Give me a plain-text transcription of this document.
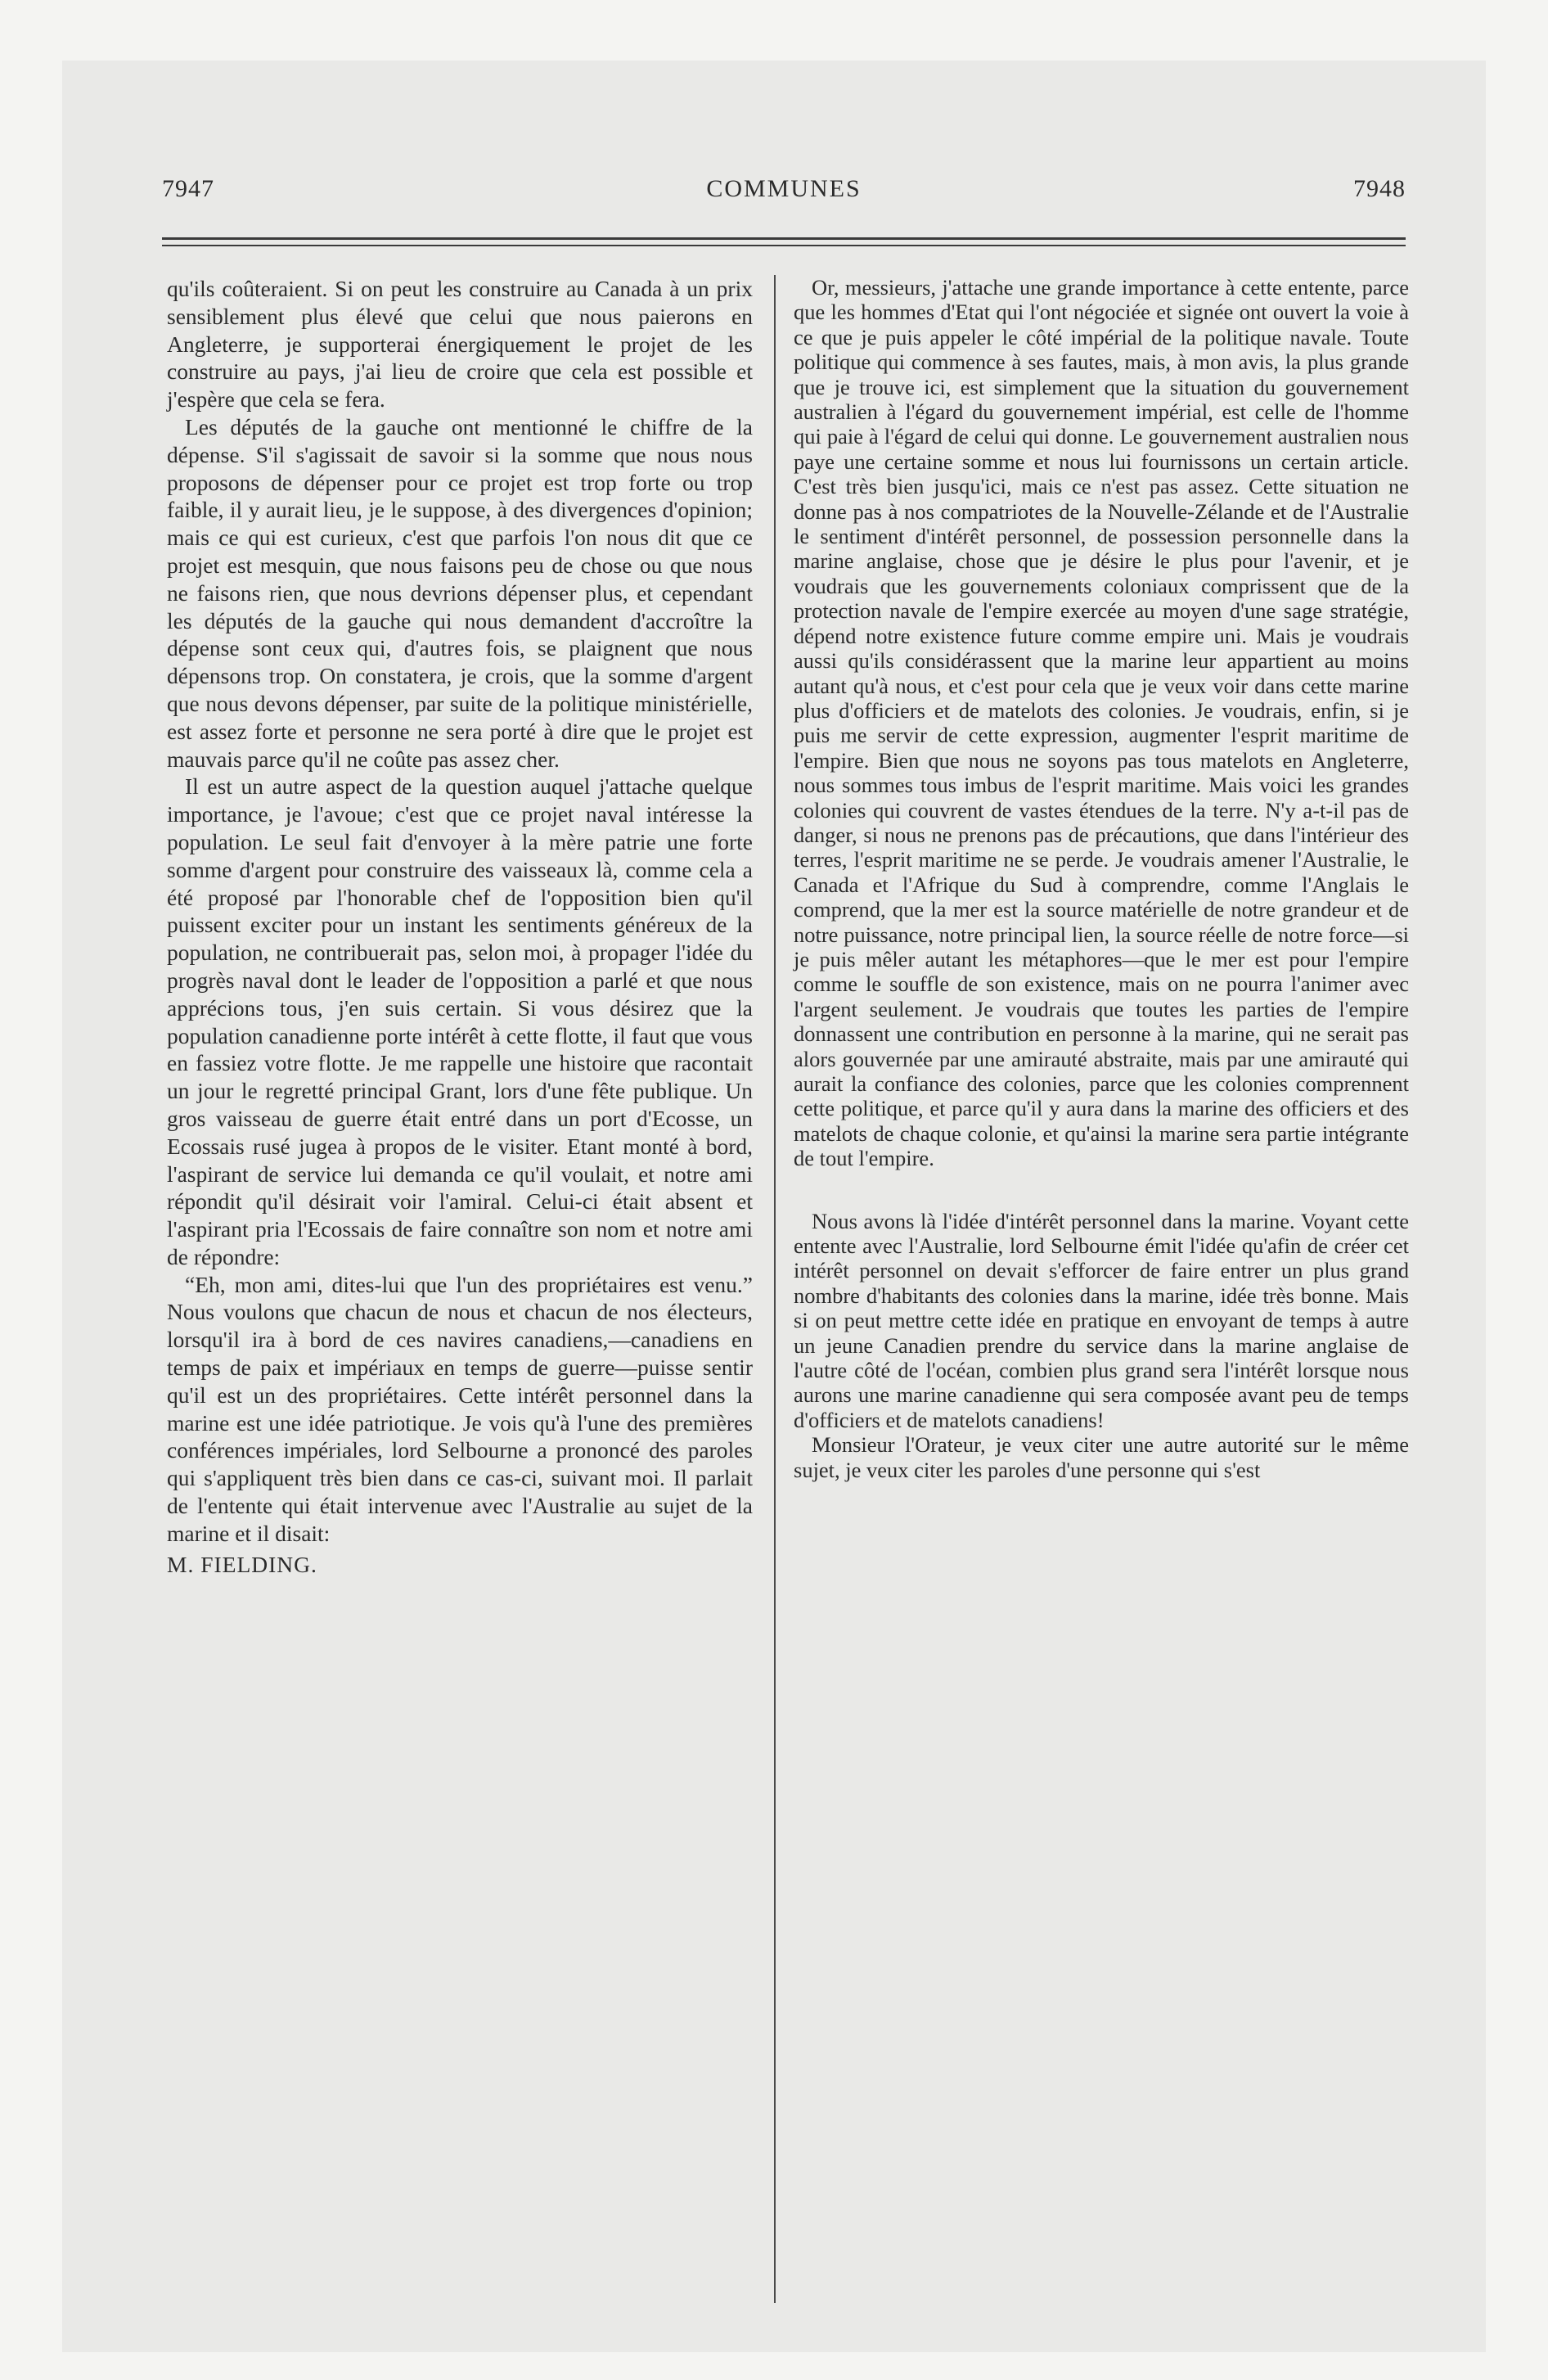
7947	COMMUNES	7948

qu'ils coûteraient. Si on peut les construire au Canada à un prix sensiblement plus élevé que celui que nous paierons en Angleterre, je supporterai énergiquement le projet de les construire au pays, j'ai lieu de croire que cela est possible et j'espère que cela se fera.

Les députés de la gauche ont mentionné le chiffre de la dépense. S'il s'agissait de savoir si la somme que nous nous proposons de dépenser pour ce projet est trop forte ou trop faible, il y aurait lieu, je le suppose, à des divergences d'opinion; mais ce qui est curieux, c'est que parfois l'on nous dit que ce projet est mesquin, que nous faisons peu de chose ou que nous ne faisons rien, que nous devrions dépenser plus, et cependant les députés de la gauche qui nous demandent d'accroître la dépense sont ceux qui, d'autres fois, se plaignent que nous dépensons trop. On constatera, je crois, que la somme d'argent que nous devons dépenser, par suite de la politique ministérielle, est assez forte et personne ne sera porté à dire que le projet est mauvais parce qu'il ne coûte pas assez cher.

Il est un autre aspect de la question auquel j'attache quelque importance, je l'avoue; c'est que ce projet naval intéresse la population. Le seul fait d'envoyer à la mère patrie une forte somme d'argent pour construire des vaisseaux là, comme cela a été proposé par l'honorable chef de l'opposition bien qu'il puissent exciter pour un instant les sentiments généreux de la population, ne contribuerait pas, selon moi, à propager l'idée du progrès naval dont le leader de l'opposition a parlé et que nous apprécions tous, j'en suis certain. Si vous désirez que la population canadienne porte intérêt à cette flotte, il faut que vous en fassiez votre flotte. Je me rappelle une histoire que racontait un jour le regretté principal Grant, lors d'une fête publique. Un gros vaisseau de guerre était entré dans un port d'Ecosse, un Ecossais rusé jugea à propos de le visiter. Etant monté à bord, l'aspirant de service lui demanda ce qu'il voulait, et notre ami répondit qu'il désirait voir l'amiral. Celui-ci était absent et l'aspirant pria l'Ecossais de faire connaître son nom et notre ami de répondre:

“Eh, mon ami, dites-lui que l'un des propriétaires est venu.” Nous voulons que chacun de nous et chacun de nos électeurs, lorsqu'il ira à bord de ces navires canadiens,—canadiens en temps de paix et impériaux en temps de guerre—puisse sentir qu'il est un des propriétaires. Cette intérêt personnel dans la marine est une idée patriotique. Je vois qu'à l'une des premières conférences impériales, lord Selbourne a prononcé des paroles qui s'appliquent très bien dans ce cas-ci, suivant moi. Il parlait de l'entente qui était intervenue avec l'Australie au sujet de la marine et il disait:

M. FIELDING.

Or, messieurs, j'attache une grande importance à cette entente, parce que les hommes d'Etat qui l'ont négociée et signée ont ouvert la voie à ce que je puis appeler le côté impérial de la politique navale. Toute politique qui commence à ses fautes, mais, à mon avis, la plus grande que je trouve ici, est simplement que la situation du gouvernement australien à l'égard du gouvernement impérial, est celle de l'homme qui paie à l'égard de celui qui donne. Le gouvernement australien nous paye une certaine somme et nous lui fournissons un certain article. C'est très bien jusqu'ici, mais ce n'est pas assez. Cette situation ne donne pas à nos compatriotes de la Nouvelle-Zélande et de l'Australie le sentiment d'intérêt personnel, de possession personnelle dans la marine anglaise, chose que je désire le plus pour l'avenir, et je voudrais que les gouvernements coloniaux comprissent que de la protection navale de l'empire exercée au moyen d'une sage stratégie, dépend notre existence future comme empire uni. Mais je voudrais aussi qu'ils considérassent que la marine leur appartient au moins autant qu'à nous, et c'est pour cela que je veux voir dans cette marine plus d'officiers et de matelots des colonies. Je voudrais, enfin, si je puis me servir de cette expression, augmenter l'esprit maritime de l'empire. Bien que nous ne soyons pas tous matelots en Angleterre, nous sommes tous imbus de l'esprit maritime. Mais voici les grandes colonies qui couvrent de vastes étendues de la terre. N'y a-t-il pas de danger, si nous ne prenons pas de précautions, que dans l'intérieur des terres, l'esprit maritime ne se perde. Je voudrais amener l'Australie, le Canada et l'Afrique du Sud à comprendre, comme l'Anglais le comprend, que la mer est la source matérielle de notre grandeur et de notre puissance, notre principal lien, la source réelle de notre force—si je puis mêler autant les métaphores—que le mer est pour l'empire comme le souffle de son existence, mais on ne pourra l'animer avec l'argent seulement. Je voudrais que toutes les parties de l'empire donnassent une contribution en personne à la marine, qui ne serait pas alors gouvernée par une amirauté abstraite, mais par une amirauté qui aurait la confiance des colonies, parce que les colonies comprennent cette politique, et parce qu'il y aura dans la marine des officiers et des matelots de chaque colonie, et qu'ainsi la marine sera partie intégrante de tout l'empire.

Nous avons là l'idée d'intérêt personnel dans la marine. Voyant cette entente avec l'Australie, lord Selbourne émit l'idée qu'afin de créer cet intérêt personnel on devait s'efforcer de faire entrer un plus grand nombre d'habitants des colonies dans la marine, idée très bonne. Mais si on peut mettre cette idée en pratique en envoyant de temps à autre un jeune Canadien prendre du service dans la marine anglaise de l'autre côté de l'océan, combien plus grand sera l'intérêt lorsque nous aurons une marine canadienne qui sera composée avant peu de temps d'officiers et de matelots canadiens!

Monsieur l'Orateur, je veux citer une autre autorité sur le même sujet, je veux citer les paroles d'une personne qui s'est
